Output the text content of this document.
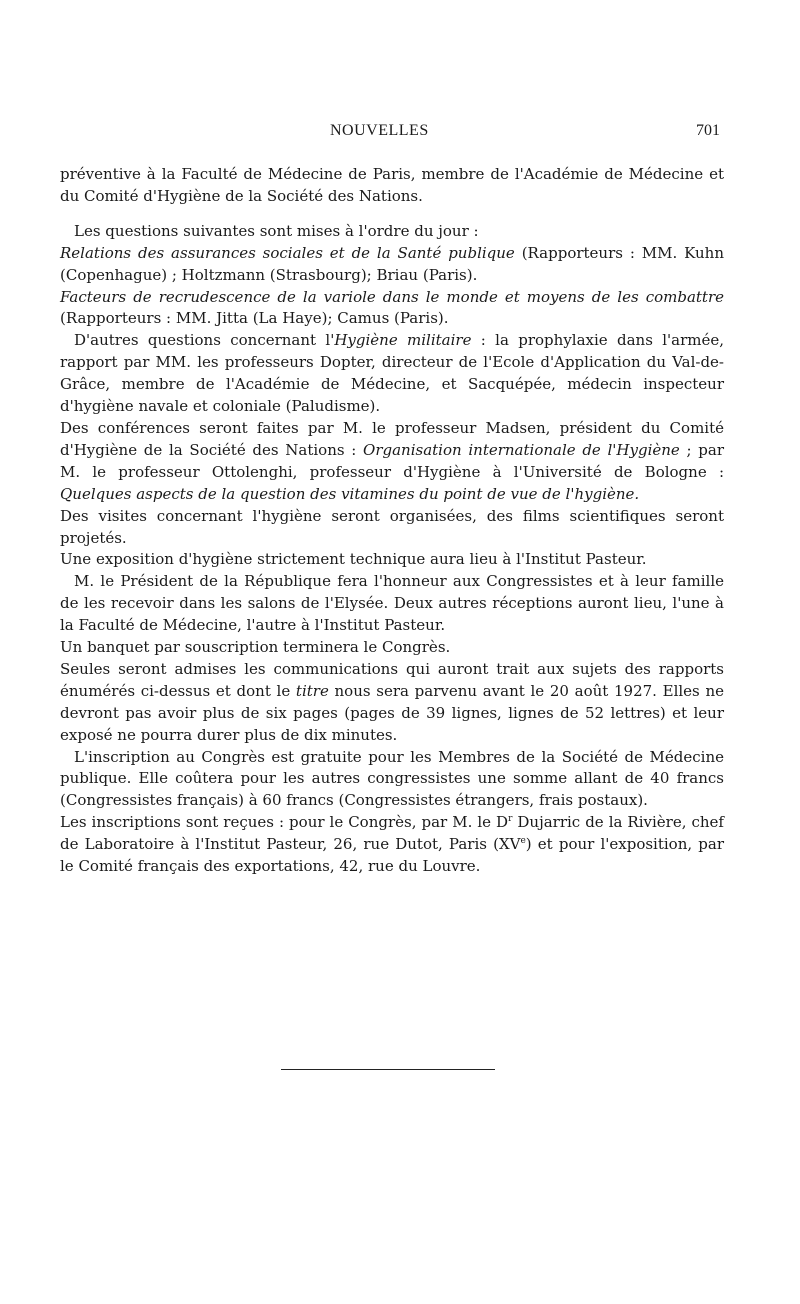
NOUVELLES	701

préventive à la Faculté de Médecine de Paris, membre de l'Académie de Médecine et du Comité d'Hygiène de la Société des Nations.

Les questions suivantes sont mises à l'ordre du jour :

Relations des assurances sociales et de la Santé publique (Rapporteurs : MM. Kuhn (Copenhague) ; Holtzmann (Strasbourg); Briau (Paris).

Facteurs de recrudescence de la variole dans le monde et moyens de les combattre (Rapporteurs : MM. Jitta (La Haye); Camus (Paris).

D'autres questions concernant l'Hygiène militaire : la prophylaxie dans l'armée, rapport par MM. les professeurs Dopter, directeur de l'Ecole d'Application du Val-de-Grâce, membre de l'Académie de Médecine, et Sacquépée, médecin inspecteur d'hygiène navale et coloniale (Paludisme).

Des conférences seront faites par M. le professeur Madsen, président du Comité d'Hygiène de la Société des Nations : Organisation internationale de l'Hygiène ; par M. le professeur Ottolenghi, professeur d'Hygiène à l'Université de Bologne : Quelques aspects de la question des vitamines du point de vue de l'hygiène.

Des visites concernant l'hygiène seront organisées, des films scientifiques seront projetés.

Une exposition d'hygiène strictement technique aura lieu à l'Institut Pasteur.

M. le Président de la République fera l'honneur aux Congressistes et à leur famille de les recevoir dans les salons de l'Elysée. Deux autres réceptions auront lieu, l'une à la Faculté de Médecine, l'autre à l'Institut Pasteur.

Un banquet par souscription terminera le Congrès.

Seules seront admises les communications qui auront trait aux sujets des rapports énumérés ci-dessus et dont le titre nous sera parvenu avant le 20 août 1927. Elles ne devront pas avoir plus de six pages (pages de 39 lignes, lignes de 52 lettres) et leur exposé ne pourra durer plus de dix minutes.

L'inscription au Congrès est gratuite pour les Membres de la Société de Médecine publique. Elle coûtera pour les autres congressistes une somme allant de 40 francs (Congressistes français) à 60 francs (Congressistes étrangers, frais postaux).

Les inscriptions sont reçues : pour le Congrès, par M. le $D^r$ Dujarric de la Rivière, chef de Laboratoire à l'Institut Pasteur, 26, rue Dutot, Paris (XVe) et pour l'exposition, par le Comité français des exportations, 42, rue du Louvre.
